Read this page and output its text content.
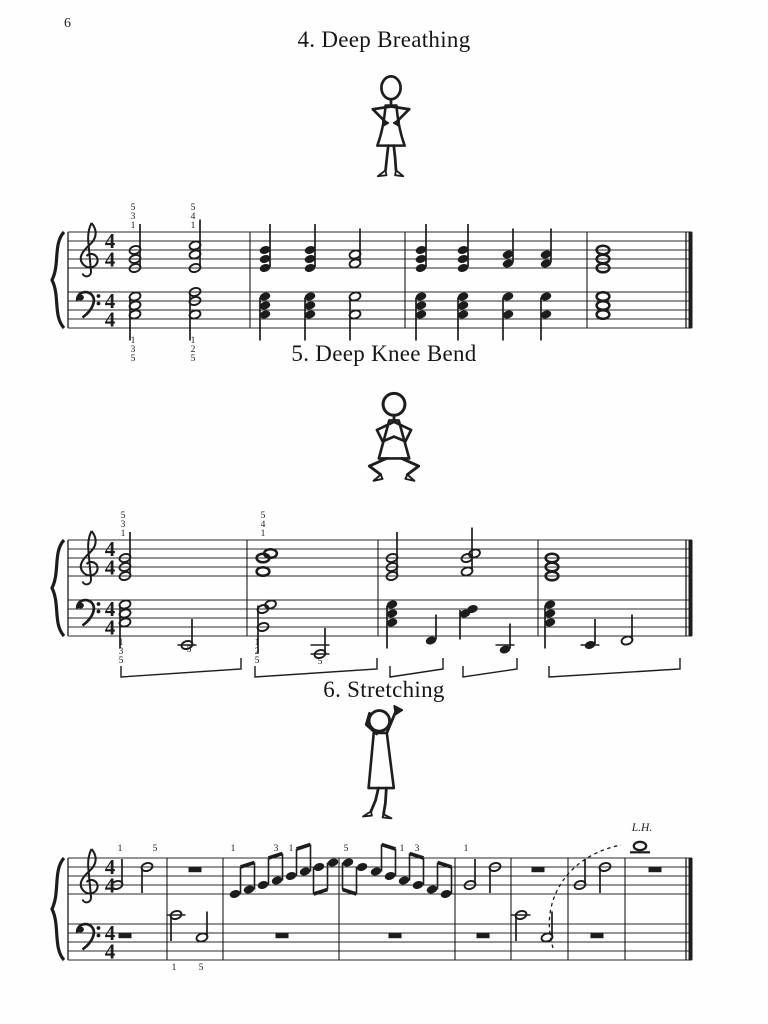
6
4. Deep Breathing
5. Deep Knee Bend
6. Stretching
4
4
4
4
5
3
1
5
4
1
1
3
5
1
2
5
4
4
4
4
5
3
1
5
4
1
1
3
5
5
1
2
5	5
4
4
4
4
1	5	1	3 1	5	1 3	1
1 5
L.H.
